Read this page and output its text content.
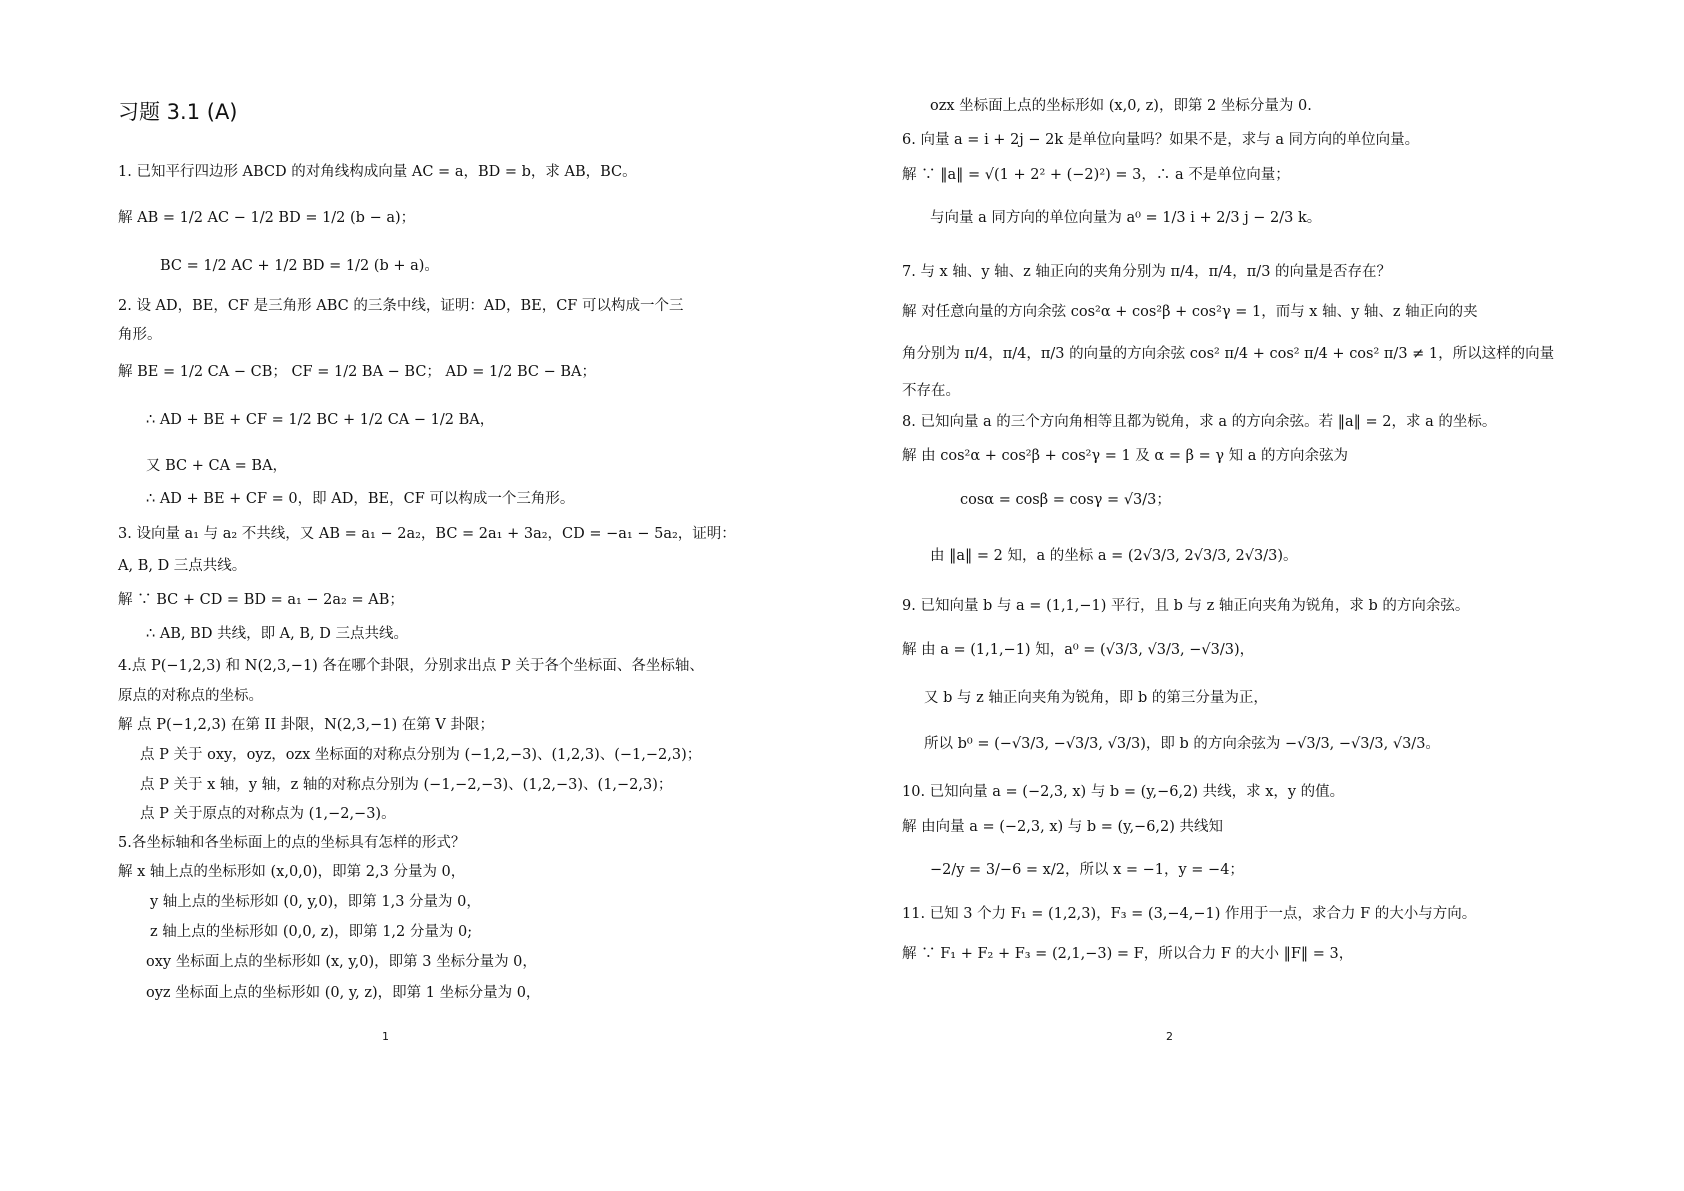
习题 3.1 (A)
1. 已知平行四边形 ABCD 的对角线构成向量 AC = a，BD = b，求 AB，BC。
解 AB = 1/2 AC − 1/2 BD = 1/2 (b − a)；
BC = 1/2 AC + 1/2 BD = 1/2 (b + a)。
2. 设 AD，BE，CF 是三角形 ABC 的三条中线，证明：AD，BE，CF 可以构成一个三
角形。
解 BE = 1/2 CA − CB； CF = 1/2 BA − BC； AD = 1/2 BC − BA；
∴ AD + BE + CF = 1/2 BC + 1/2 CA − 1/2 BA，
又 BC + CA = BA，
∴ AD + BE + CF = 0，即 AD，BE，CF 可以构成一个三角形。
3. 设向量 a₁ 与 a₂ 不共线，又 AB = a₁ − 2a₂，BC = 2a₁ + 3a₂，CD = −a₁ − 5a₂，证明：
A, B, D 三点共线。
解 ∵ BC + CD = BD = a₁ − 2a₂ = AB；
∴ AB, BD 共线，即 A, B, D 三点共线。
4.点 P(−1,2,3) 和 N(2,3,−1) 各在哪个卦限，分别求出点 P 关于各个坐标面、各坐标轴、
原点的对称点的坐标。
解 点 P(−1,2,3) 在第 II 卦限，N(2,3,−1) 在第 V 卦限；
点 P 关于 oxy，oyz，ozx 坐标面的对称点分别为 (−1,2,−3)、(1,2,3)、(−1,−2,3)；
点 P 关于 x 轴，y 轴，z 轴的对称点分别为 (−1,−2,−3)、(1,2,−3)、(1,−2,3)；
点 P 关于原点的对称点为 (1,−2,−3)。
5.各坐标轴和各坐标面上的点的坐标具有怎样的形式？
解 x 轴上点的坐标形如 (x,0,0)，即第 2,3 分量为 0，
y 轴上点的坐标形如 (0, y,0)，即第 1,3 分量为 0，
z 轴上点的坐标形如 (0,0, z)，即第 1,2 分量为 0;
oxy 坐标面上点的坐标形如 (x, y,0)，即第 3 坐标分量为 0，
oyz 坐标面上点的坐标形如 (0, y, z)，即第 1 坐标分量为 0，
1
ozx 坐标面上点的坐标形如 (x,0, z)，即第 2 坐标分量为 0.
6. 向量 a = i + 2j − 2k 是单位向量吗？如果不是，求与 a 同方向的单位向量。
解 ∵ ‖a‖ = √(1 + 2² + (−2)²) = 3，∴ a 不是单位向量；
与向量 a 同方向的单位向量为 a⁰ = 1/3 i + 2/3 j − 2/3 k。
7. 与 x 轴、y 轴、z 轴正向的夹角分别为 π/4，π/4，π/3 的向量是否存在？
解 对任意向量的方向余弦 cos²α + cos²β + cos²γ = 1，而与 x 轴、y 轴、z 轴正向的夹
角分别为 π/4，π/4，π/3 的向量的方向余弦 cos² π/4 + cos² π/4 + cos² π/3 ≠ 1，所以这样的向量
不存在。
8. 已知向量 a 的三个方向角相等且都为锐角，求 a 的方向余弦。若 ‖a‖ = 2，求 a 的坐标。
解 由 cos²α + cos²β + cos²γ = 1 及 α = β = γ 知 a 的方向余弦为
cosα = cosβ = cosγ = √3/3；
由 ‖a‖ = 2 知，a 的坐标 a = (2√3/3, 2√3/3, 2√3/3)。
9. 已知向量 b 与 a = (1,1,−1) 平行，且 b 与 z 轴正向夹角为锐角，求 b 的方向余弦。
解 由 a = (1,1,−1) 知，a⁰ = (√3/3, √3/3, −√3/3)，
又 b 与 z 轴正向夹角为锐角，即 b 的第三分量为正，
所以 b⁰ = (−√3/3, −√3/3, √3/3)，即 b 的方向余弦为 −√3/3, −√3/3, √3/3。
10. 已知向量 a = (−2,3, x) 与 b = (y,−6,2) 共线，求 x，y 的值。
解 由向量 a = (−2,3, x) 与 b = (y,−6,2) 共线知
−2/y = 3/−6 = x/2，所以 x = −1，y = −4；
11. 已知 3 个力 F₁ = (1,2,3)，F₃ = (3,−4,−1) 作用于一点，求合力 F 的大小与方向。
解 ∵ F₁ + F₂ + F₃ = (2,1,−3) = F，所以合力 F 的大小 ‖F‖ = 3，
2
